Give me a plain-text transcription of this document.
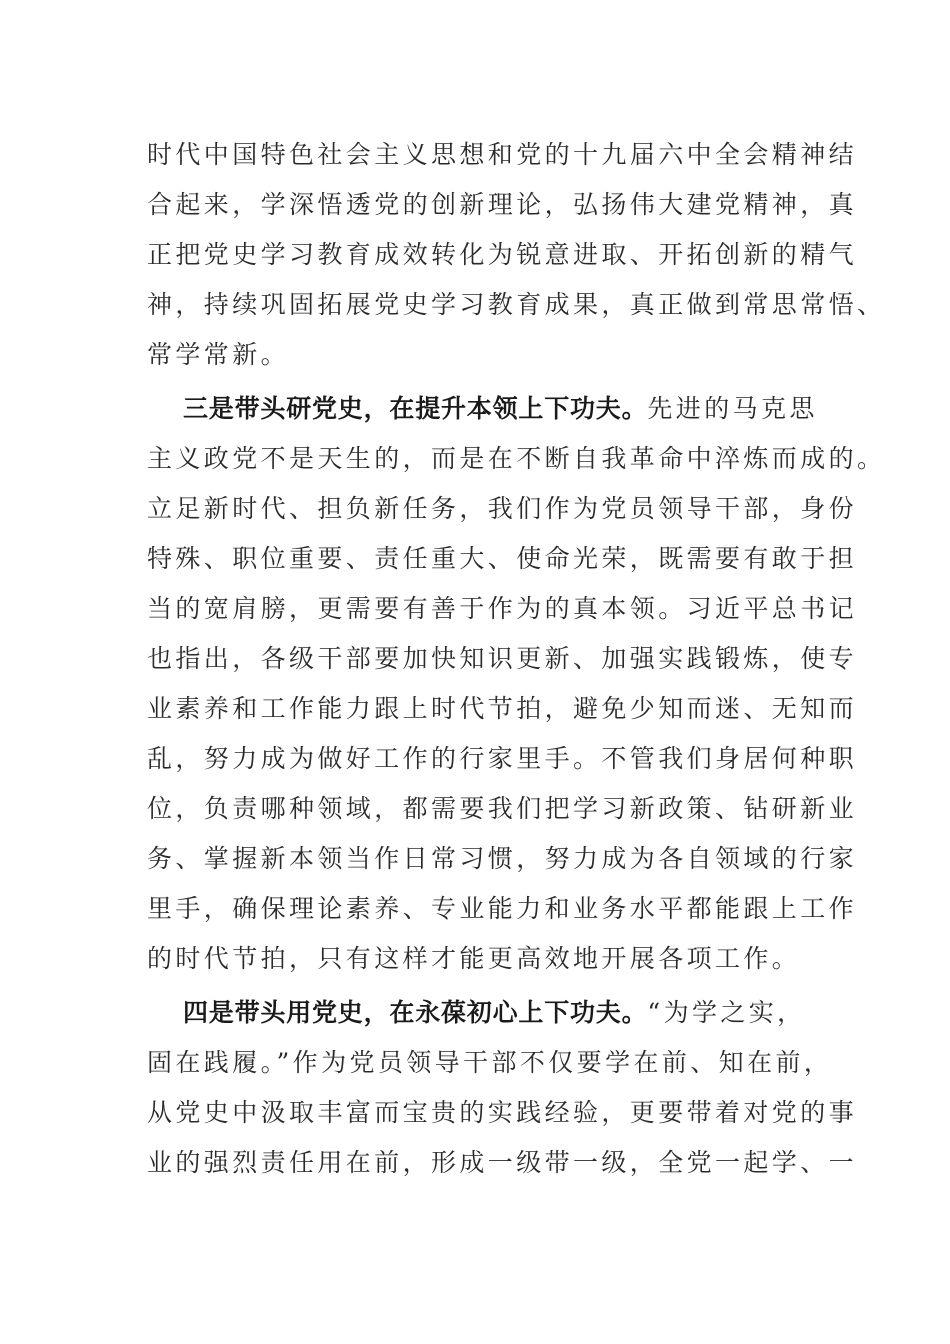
时代中国特色社会主义思想和党的十九届六中全会精神结
合起来，学深悟透党的创新理论，弘扬伟大建党精神，真
正把党史学习教育成效转化为锐意进取、开拓创新的精气
神，持续巩固拓展党史学习教育成果，真正做到常思常悟、
常学常新。
三是带头研党史，在提升本领上下功夫。先进的马克思
主义政党不是天生的，而是在不断自我革命中淬炼而成的。
立足新时代、担负新任务，我们作为党员领导干部，身份
特殊、职位重要、责任重大、使命光荣，既需要有敢于担
当的宽肩膀，更需要有善于作为的真本领。习近平总书记
也指出，各级干部要加快知识更新、加强实践锻炼，使专
业素养和工作能力跟上时代节拍，避免少知而迷、无知而
乱，努力成为做好工作的行家里手。不管我们身居何种职
位，负责哪种领域，都需要我们把学习新政策、钻研新业
务、掌握新本领当作日常习惯，努力成为各自领域的行家
里手，确保理论素养、专业能力和业务水平都能跟上工作
的时代节拍，只有这样才能更高效地开展各项工作。
四是带头用党史，在永葆初心上下功夫。“为学之实，
固在践履。”作为党员领导干部不仅要学在前、知在前，
从党史中汲取丰富而宝贵的实践经验，更要带着对党的事
业的强烈责任用在前，形成一级带一级，全党一起学、一
